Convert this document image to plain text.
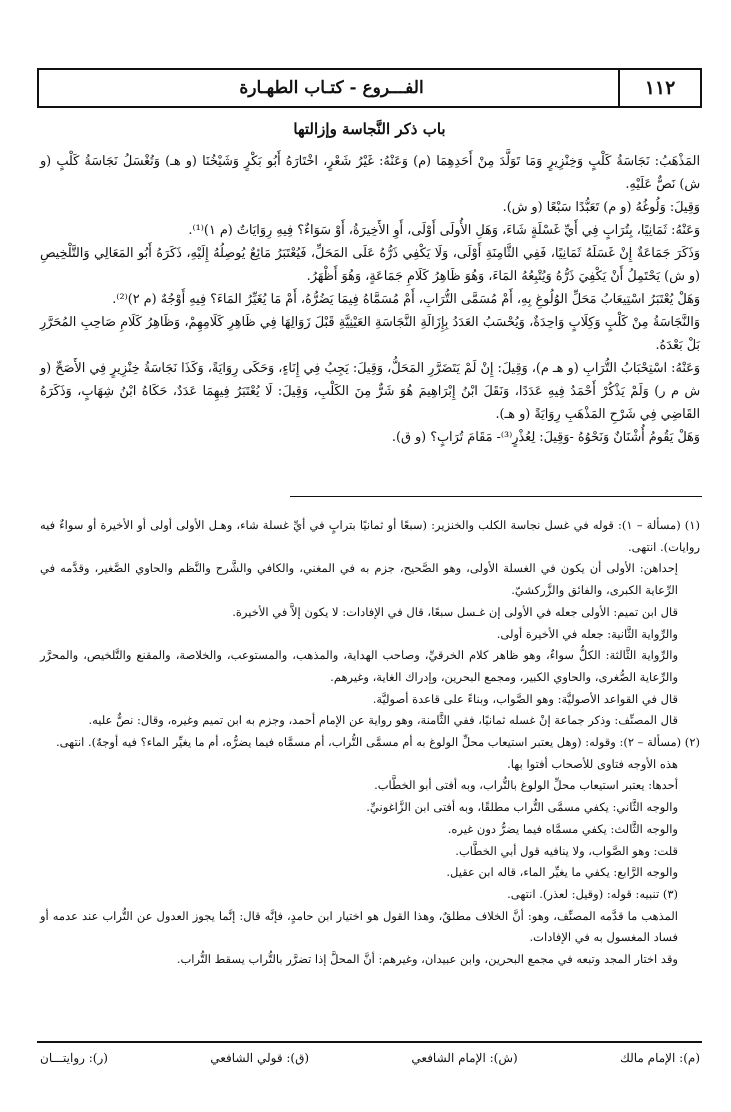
١١٢
الفـــروع - كتـاب الطهـارة
باب ذكر النَّجاسة وإزالتها

المَذْهَبُ: نَجَاسَةُ كَلْبٍ وَخِنْزِيرٍ وَمَا تَوَلَّدَ مِنْ أَحَدِهِمَا (م) وَعَنْهُ: غَيْرُ شَعْرٍ، اخْتَارَهُ أَبُو بَكْرٍ وَشَيْخُنَا (و هـ) وَتُغْسَلُ نَجَاسَةُ كَلْبٍ (و ش) نَصٌّ عَلَيْهِ.

وَقِيلَ: وَلُوغُهُ (و م) تَعَبُّدًا سَبْعًا (و ش).

وَعَنْهُ: ثَمَانِيًا، بِتُرَابٍ فِي أَيِّ غَسْلَةٍ شَاءَ، وَهَلِ الأُولَى أَوْلَى، أَوِ الأَخِيرَةُ، أَوْ سَوَاءٌ؟ فِيهِ رِوَايَاتٌ (م ١)⁽¹⁾.

وَذَكَرَ جَمَاعَةٌ إِنْ غَسَلَهُ ثَمَانِيًا، فَفِي الثَّامِنَةِ أَوْلَى، وَلَا يَكْفِي ذَرُّهُ عَلَى المَحَلِّ، فَيُعْتَبَرُ مَائِعٌ يُوصِلُهُ إِلَيْهِ، ذَكَرَهُ أَبُو المَعَالِي وَالتَّلْخِيصِ (و ش) يَحْتَمِلُ أَنْ يَكْفِيَ ذَرُّهُ وَيُتْبِعُهُ المَاءَ، وَهُوَ ظَاهِرُ كَلَامِ جَمَاعَةٍ، وَهُوَ أَظْهَرُ.

وَهَلْ يُعْتَبَرُ اسْتِيعَابُ مَحَلِّ الوُلُوغِ بِهِ، أَمْ مُسَمَّى التُّرَابِ، أَمْ مُسَمَّاهُ فِيمَا يَضُرُّهُ، أَمْ مَا يُغَيِّرُ المَاءَ؟ فِيهِ أَوْجُهٌ (م ٢)⁽²⁾.

وَالنَّجَاسَةُ مِنْ كَلْبٍ وَكِلَابٍ وَاحِدَةٌ، وَيُحْسَبُ العَدَدُ بِإِزَالَةِ النَّجَاسَةِ العَيْنِيَّةِ قَبْلَ زَوَالِهَا فِي ظَاهِرِ كَلَامِهِمْ، وَظَاهِرُ كَلَامِ صَاحِبِ المُحَرَّرِ بَلْ بَعْدَهُ.

وَعَنْهُ: اسْتِحْبَابُ التُّرَابِ (و هـ م)، وَقِيلَ: إِنْ لَمْ يَتَضَرَّرِ المَحَلُّ، وَقِيلَ: يَجِبُ فِي إِنَاءٍ، وَحَكَى رِوَايَةً، وَكَذَا نَجَاسَةُ خِنْزِيرٍ فِي الأَصَحِّ (و ش م ر) وَلَمْ يَذْكُرْ أَحْمَدُ فِيهِ عَدَدًا، وَنَقَلَ ابْنُ إِبْرَاهِيمَ هُوَ شَرٌّ مِنَ الكَلْبِ، وَقِيلَ: لَا يُعْتَبَرُ فِيهِمَا عَدَدٌ، حَكَاهُ ابْنُ شِهَابٍ، وَذَكَرَهُ القَاضِي فِي شَرْحِ المَذْهَبِ رِوَايَةً (و هـ).

وَهَلْ يَقُومُ أُشْنَانٌ وَنَحْوُهُ -وَقِيلَ: لِعُذْرٍ⁽³⁾- مَقَامَ تُرَابٍ؟ (و ق).

(١) (مسألة – ١): قوله في غسل نجاسة الكلب والخنزير: (سبعًا أو ثمانيًا بترابٍ في أيِّ غسلة شاء، وهـل الأولى أولى أو الأخيرة أو سواءٌ فيه روايات). انتهى.

إحداهن: الأولى أن يكون في الغسلة الأولى، وهو الصَّحيح، جزم به في المغني، والكافي والشَّرح والنَّظم والحاوي الصَّغير، وقدَّمه في الرِّعاية الكبرى، والفائق والزَّركشيّ.

قال ابن تميم: الأولى جعله في الأولى إن غـسل سبعًا، قال في الإفادات: لا يكون إلاَّ في الأخيرة.

والرِّواية الثَّانية: جعله في الأخيرة أولى.

والرِّواية الثَّالثة: الكلُّ سواءٌ، وهو ظاهر كلام الخرقيِّ، وصاحب الهداية، والمذهب، والمستوعب، والخلاصة، والمقنع والتَّلخيص، والمحرَّر والرِّعاية الصُّغرى، والحاوي الكبير، ومجمع البحرين، وإدراك الغاية، وغيرهم.

قال في القواعد الأصوليَّة: وهو الصَّواب، وبناءً على قاعدة أصوليَّة.

قال المصنِّف: وذكر جماعة إنْ غسله ثمانيًا، ففي الثَّامنة، وهو رواية عن الإمام أحمد، وجزم به ابن تميم وغيره، وقال: نصٌّ عليه.

(٢) (مسألة – ٢): وقوله: (وهل يعتبر استيعاب محلِّ الولوغ به أم مسمَّى التُّراب، أم مسمَّاه فيما يضرُّه، أم ما يغيِّر الماء؟ فيه أوجهٌ). انتهى.

هذه الأوجه فتاوى للأصحاب أفتوا بها.

أحدها: يعتبر استيعاب محلِّ الولوغ بالتُّراب، وبه أفتى أبو الخطَّاب.

والوجه الثَّاني: يكفي مسمَّى التُّراب مطلقًا، وبه أفتى ابن الزَّاغونيِّ.

والوجه الثَّالث: يكفي مسمَّاه فيما يضرُّ دون غيره.

قلت: وهو الصَّواب، ولا ينافيه قول أبي الخطَّاب.

والوجه الرَّابع: يكفي ما يغيِّر الماء، قاله ابن عقيل.

(٣) تنبيه: قوله: (وقيل: لعذر). انتهى.

المذهب ما قدَّمه المصنِّف، وهو: أنَّ الخلاف مطلقٌ، وهذا القول هو اختيار ابن حامدٍ، فإنَّه قال: إنَّما يجوز العدول عن التُّراب عند عدمه أو فساد المغسول به في الإفادات.

وقد اختار المجد وتبعه في مجمع البحرين، وابن عبيدان، وغيرهم: أنَّ المحلَّ إذا تضرَّر بالتُّراب يسقط التُّراب.

(م): الإمام مالك
(ش): الإمام الشافعي
(ق): قولي الشافعي
(ر): روايتـــان
